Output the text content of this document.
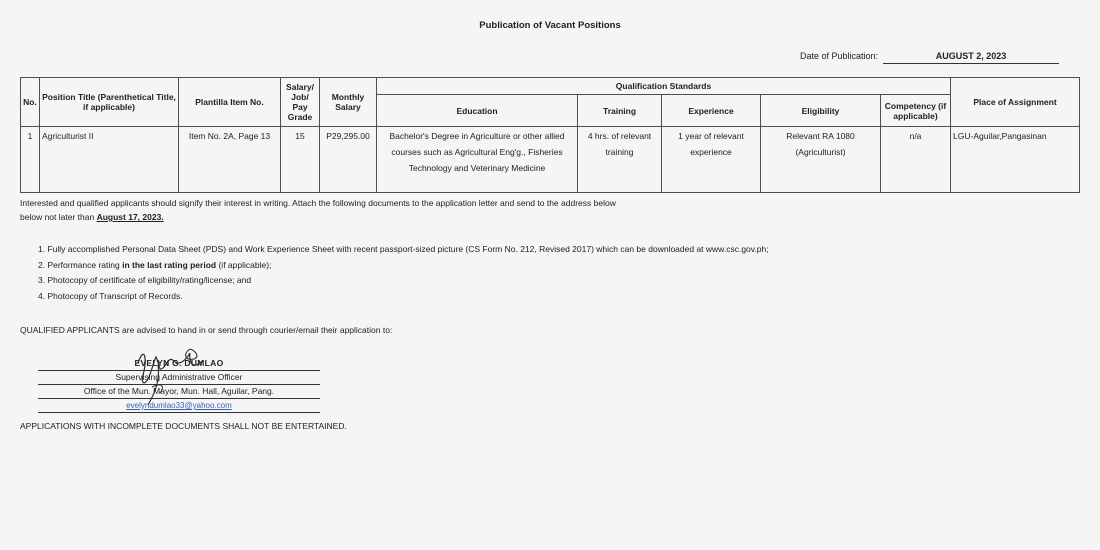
Publication of Vacant Positions
Date of Publication:	AUGUST 2, 2023
No.	Position Title (Parenthetical Title, if applicable)	Plantilla Item No.	Salary/ Job/ Pay Grade	Monthly Salary	Qualification Standards					Place of Assignment
					Education	Training	Experience	Eligibility	Competency (if applicable)	
1	Agriculturist II	Item No. 2A, Page 13	15	P29,295.00	Bachelor's Degree in Agriculture or other allied courses such as Agricultural Eng'g., Fisheries Technology and Veterinary Medicine	4 hrs. of relevant training	1 year of relevant experience	Relevant RA 1080 (Agriculturist)	n/a	LGU-Aguilar,Pangasinan
Interested and qualified applicants should signify their interest in writing. Attach the following documents to the application letter and send to the address below
below not later than August 17, 2023.
1. Fully accomplished Personal Data Sheet (PDS) and Work Experience Sheet with recent passport-sized picture (CS Form No. 212, Revised 2017) which can be downloaded at www.csc.gov.ph;
2. Performance rating in the last rating period (if applicable);
3. Photocopy of certificate of eligibility/rating/license; and
4. Photocopy of Transcript of Records.
QUALIFIED APPLICANTS are advised to hand in or send through courier/email their application to:
EVELYN G. DUMLAO
Supervising Administrative Officer
Office of the Mun. Mayor, Mun. Hall, Aguilar, Pang.
evelyndumlao33@yahoo.com
APPLICATIONS WITH INCOMPLETE DOCUMENTS SHALL NOT BE ENTERTAINED.
